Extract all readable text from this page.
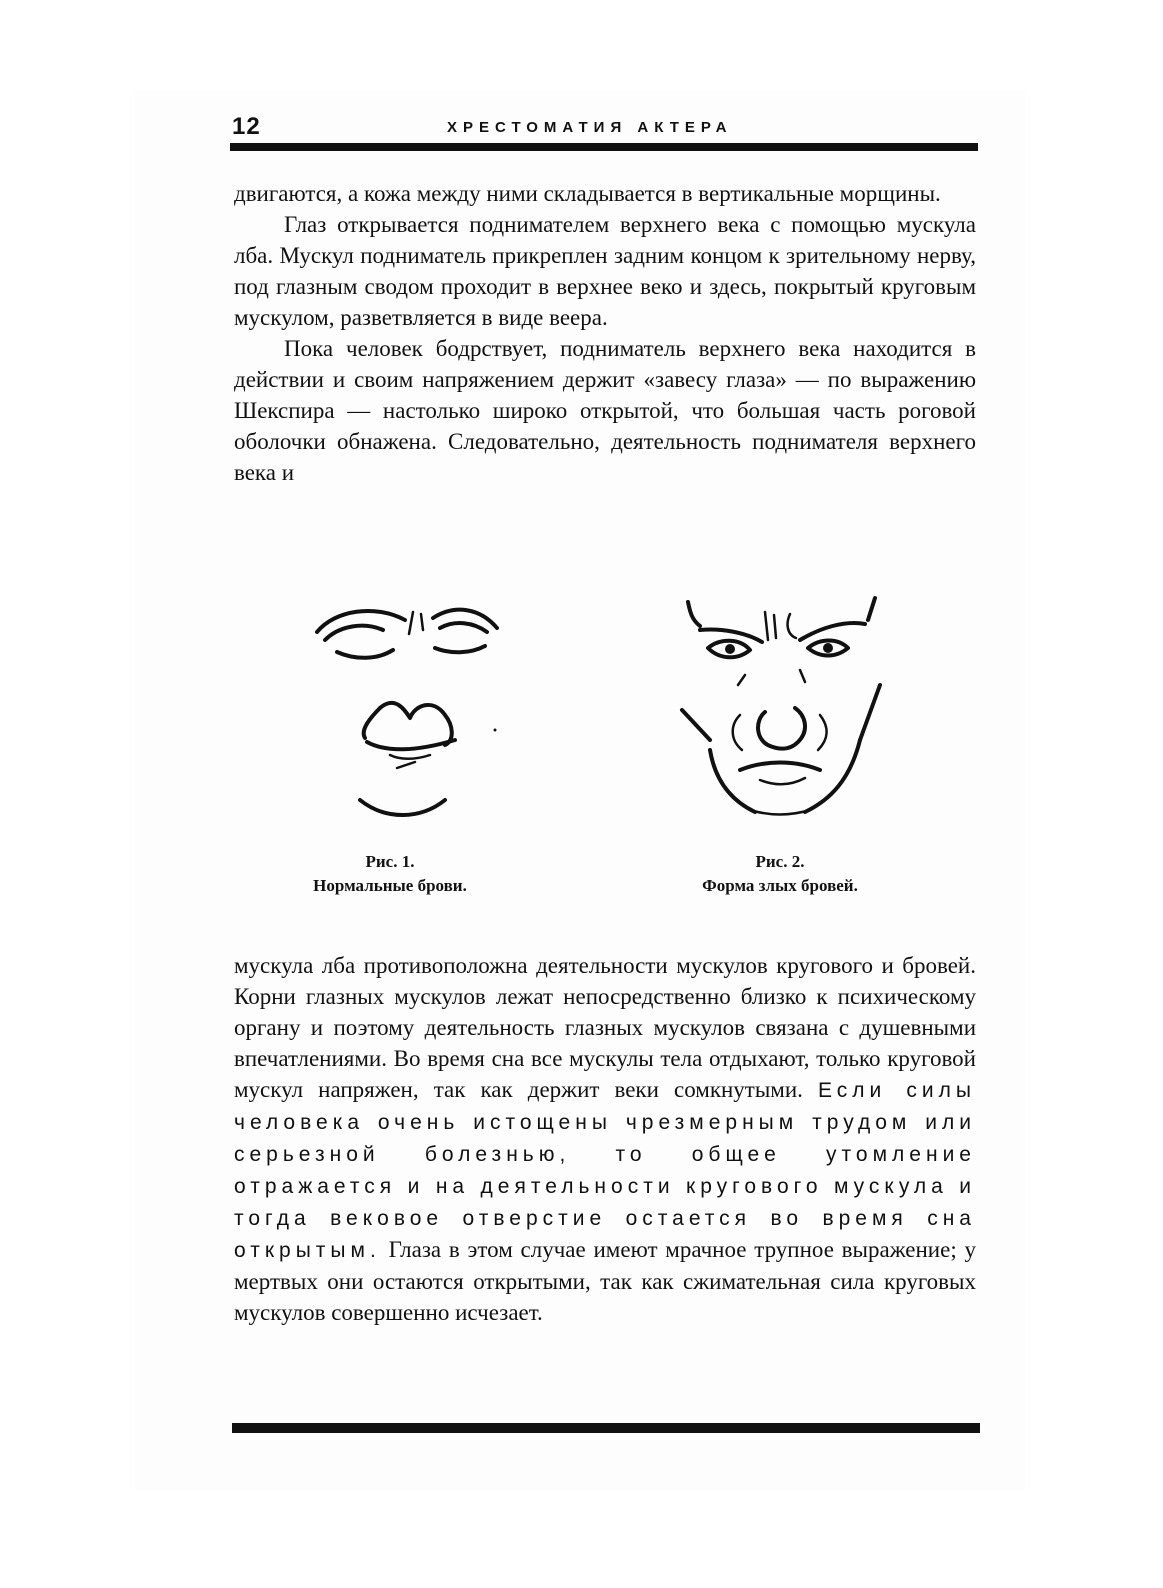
12	ХРЕСТОМАТИЯ АКТЕРА

двигаются, а кожа между ними складывается в вертикальные морщины.

Глаз открывается поднимателем верхнего века с помощью мускула лба. Мускул подниматель прикреплен задним концом к зрительному нерву, под глазным сводом проходит в верхнее веко и здесь, покрытый круговым мускулом, разветвляется в виде веера.

Пока человек бодрствует, подниматель верхнего века находится в действии и своим напряжением держит «завесу глаза» — по выражению Шекспира — настолько широко открытой, что большая часть роговой оболочки обнажена. Следовательно, деятельность поднимателя верхнего века и

Рис. 1.
Нормальные брови.
Рис. 2.
Форма злых бровей.

мускула лба противоположна деятельности мускулов кругового и бровей. Корни глазных мускулов лежат непосредственно близко к психическому органу и поэтому деятельность глазных мускулов связана с душевными впечатлениями. Во время сна все мускулы тела отдыхают, только круговой мускул напряжен, так как держит веки сомкнутыми. Если силы человека очень истощены чрезмерным трудом или серьезной болезнью, то общее утомление отражается и на деятельности кругового мускула и тогда вековое отверстие остается во время сна открытым. Глаза в этом случае имеют мрачное трупное выражение; у мертвых они остаются открытыми, так как сжимательная сила круговых мускулов совершенно исчезает.
